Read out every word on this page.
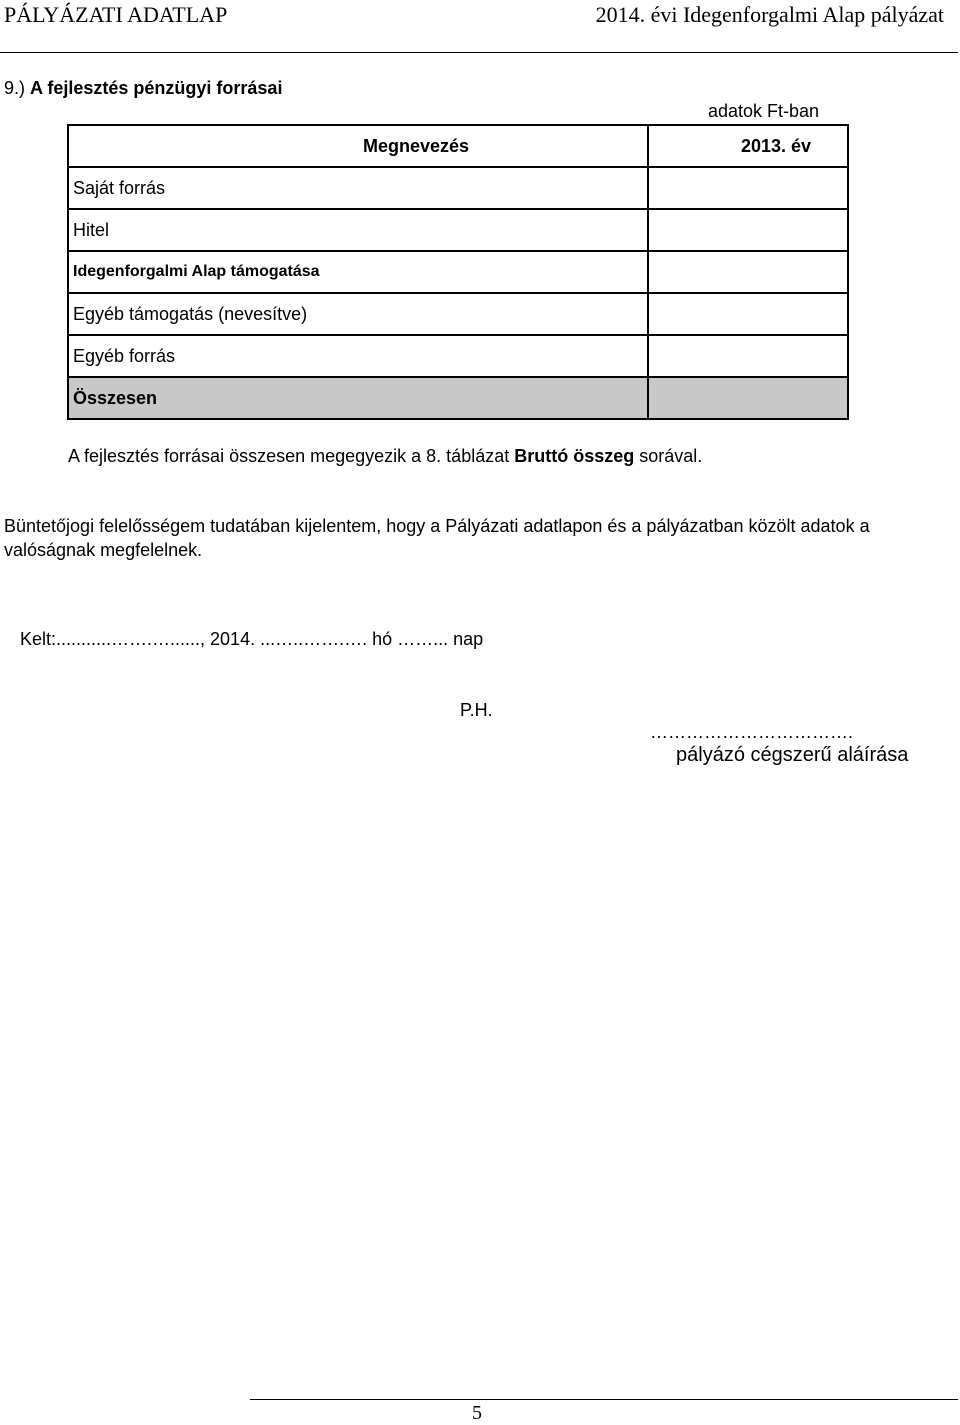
PÁLYÁZATI ADATLAP	2014. évi Idegenforgalmi Alap pályázat
9.) A fejlesztés pénzügyi forrásai
adatok Ft-ban
Megnevezés	2013. év
Saját forrás	
Hitel	
Idegenforgalmi Alap támogatása	
Egyéb támogatás (nevesítve)	
Egyéb forrás	
Összesen	
A fejlesztés forrásai összesen megegyezik a 8. táblázat Bruttó összeg sorával.
Büntetőjogi felelősségem tudatában kijelentem, hogy a Pályázati adatlapon és a pályázatban közölt adatok a valóságnak megfelelnek.
Kelt:...........…….…......, 2014. ...…..…….…. hó ……... nap
P.H.
…………………………….
pályázó cégszerű aláírása
5
